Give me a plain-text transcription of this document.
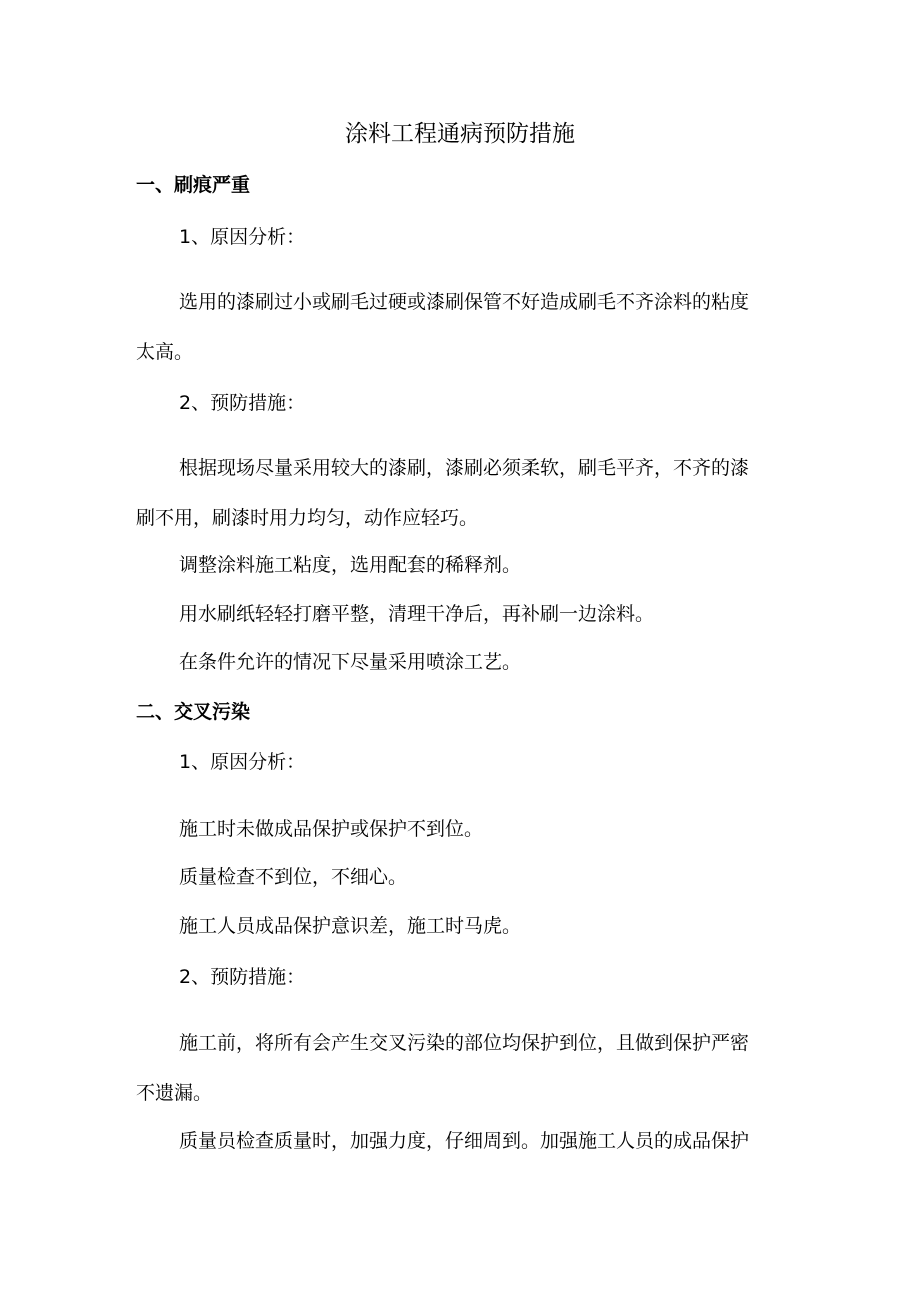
涂料工程通病预防措施
一、刷痕严重
1、原因分析：
选用的漆刷过小或刷毛过硬或漆刷保管不好造成刷毛不齐涂料的粘度
太高。
2、预防措施：
根据现场尽量采用较大的漆刷，漆刷必须柔软，刷毛平齐，不齐的漆
刷不用，刷漆时用力均匀，动作应轻巧。
调整涂料施工粘度，选用配套的稀释剂。
用水刷纸轻轻打磨平整，清理干净后，再补刷一边涂料。
在条件允许的情况下尽量采用喷涂工艺。
二、交叉污染
1、原因分析：
施工时未做成品保护或保护不到位。
质量检查不到位，不细心。
施工人员成品保护意识差，施工时马虎。
2、预防措施：
施工前，将所有会产生交叉污染的部位均保护到位，且做到保护严密
不遗漏。
质量员检查质量时，加强力度，仔细周到。加强施工人员的成品保护
